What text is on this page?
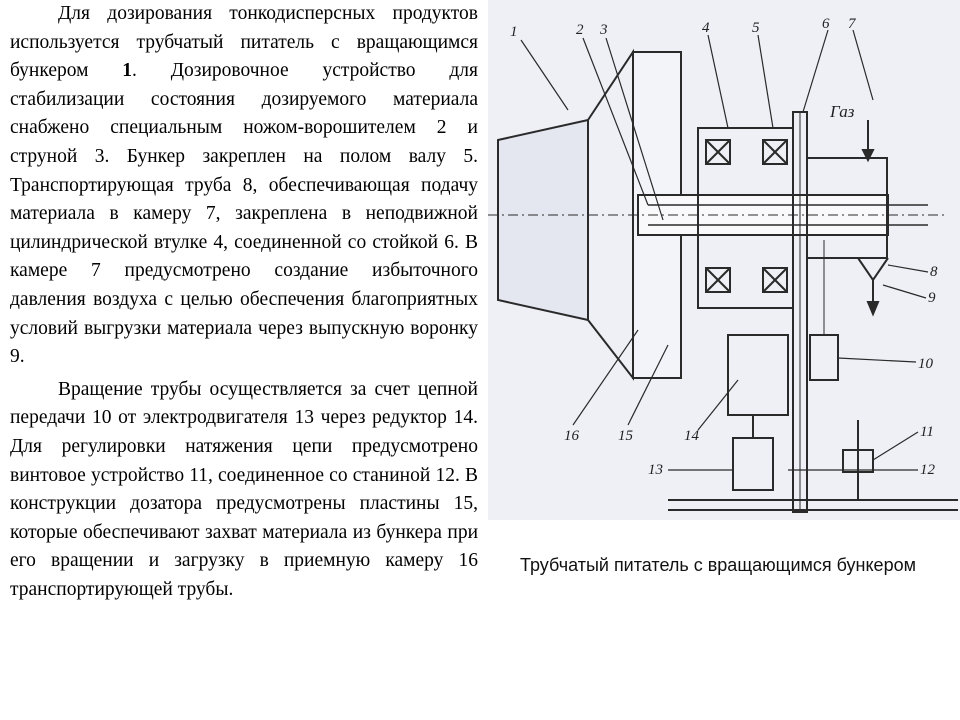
Для дозирования тонкодисперсных продуктов используется трубчатый питатель с вращающимся бункером 1. Дозировочное устройство для стабилизации состояния дозируемого материала снабжено специальным ножом-ворошителем 2 и струной 3. Бункер закреплен на полом валу 5. Транспортирующая труба 8, обеспечивающая подачу материала в камеру 7, закреплена в неподвижной цилиндрической втулке 4, соединенной со стойкой 6. В камере 7 предусмотрено создание избыточного давления воздуха с целью обеспечения благоприятных условий выгрузки материала через выпускную воронку 9.

Вращение трубы осуществляется за счет цепной передачи 10 от электродвигателя 13 через редуктор 14. Для регулировки натяжения цепи предусмотрено винтовое устройство 11, соединенное со станиной 12. В конструкции дозатора предусмотрены пластины 15, которые обеспечивают захват материала из бункера при его вращении и загрузку в приемную камеру 16 транспортирующей трубы.

1	2 3	4	5	6 7
Газ
8
9
10
11
12
13
14
15
16
Трубчатый питатель с вращающимся бункером
